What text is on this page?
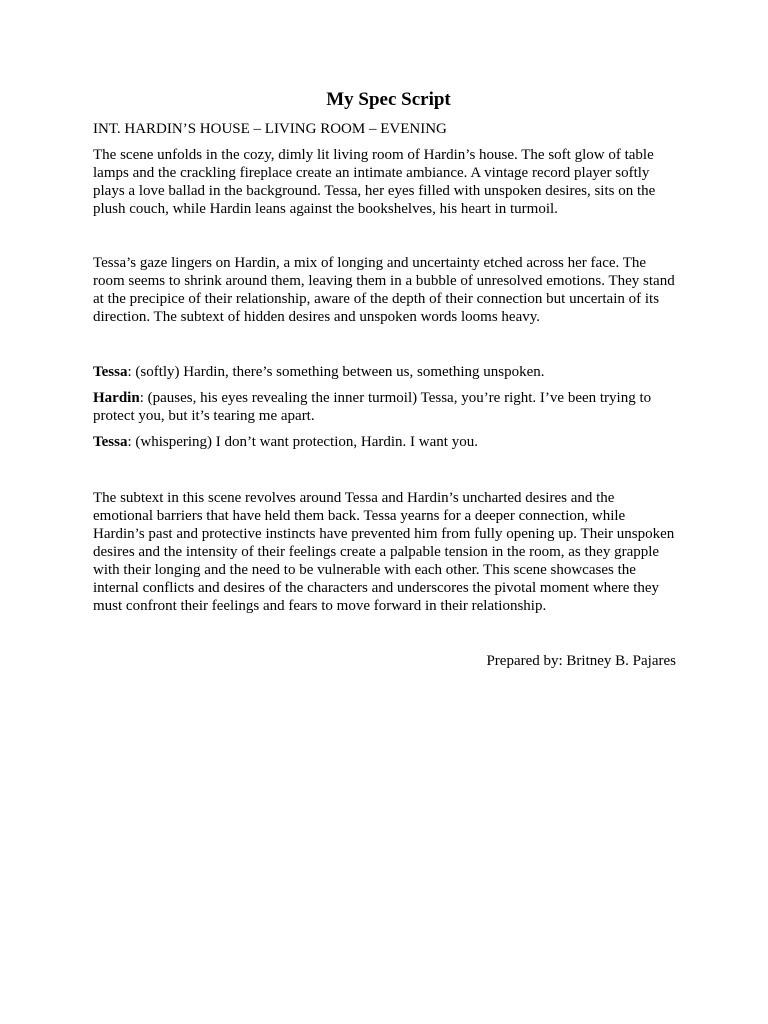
My Spec Script

INT. HARDIN’S HOUSE – LIVING ROOM – EVENING

The scene unfolds in the cozy, dimly lit living room of Hardin’s house. The soft glow of table lamps and the crackling fireplace create an intimate ambiance. A vintage record player softly plays a love ballad in the background. Tessa, her eyes filled with unspoken desires, sits on the plush couch, while Hardin leans against the bookshelves, his heart in turmoil.

Tessa’s gaze lingers on Hardin, a mix of longing and uncertainty etched across her face. The room seems to shrink around them, leaving them in a bubble of unresolved emotions. They stand at the precipice of their relationship, aware of the depth of their connection but uncertain of its direction. The subtext of hidden desires and unspoken words looms heavy.

Tessa: (softly) Hardin, there’s something between us, something unspoken.

Hardin: (pauses, his eyes revealing the inner turmoil) Tessa, you’re right. I’ve been trying to protect you, but it’s tearing me apart.

Tessa: (whispering) I don’t want protection, Hardin. I want you.

The subtext in this scene revolves around Tessa and Hardin’s uncharted desires and the emotional barriers that have held them back. Tessa yearns for a deeper connection, while Hardin’s past and protective instincts have prevented him from fully opening up. Their unspoken desires and the intensity of their feelings create a palpable tension in the room, as they grapple with their longing and the need to be vulnerable with each other. This scene showcases the internal conflicts and desires of the characters and underscores the pivotal moment where they must confront their feelings and fears to move forward in their relationship.

Prepared by: Britney B. Pajares
